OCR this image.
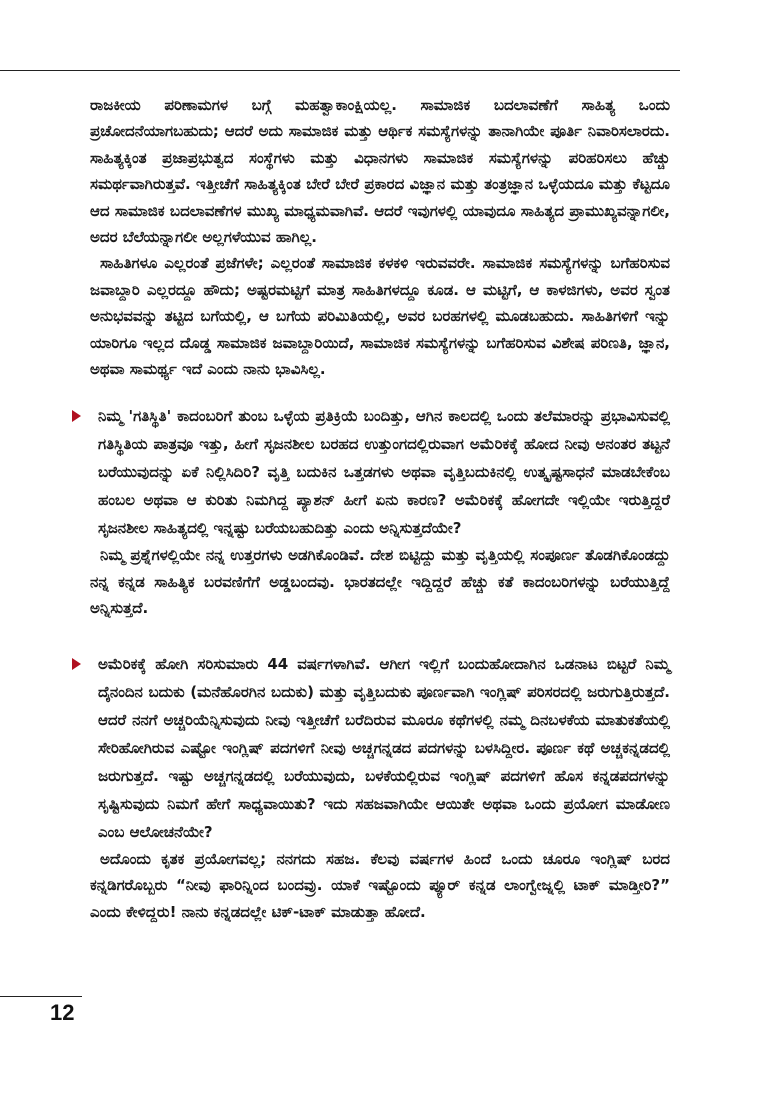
ರಾಜಕೀಯ ಪರಿಣಾಮಗಳ ಬಗ್ಗೆ ಮಹತ್ವಾಕಾಂಕ್ಷಿಯಲ್ಲ. ಸಾಮಾಜಿಕ ಬದಲಾವಣೆಗೆ ಸಾಹಿತ್ಯ ಒಂದು ಪ್ರಚೋದನೆಯಾಗಬಹುದು; ಆದರೆ ಅದು ಸಾಮಾಜಿಕ ಮತ್ತು ಆರ್ಥಿಕ ಸಮಸ್ಯೆಗಳನ್ನು ತಾನಾಗಿಯೇ ಪೂರ್ತಿ ನಿವಾರಿಸಲಾರದು. ಸಾಹಿತ್ಯಕ್ಕಿಂತ ಪ್ರಜಾಪ್ರಭುತ್ವದ ಸಂಸ್ಥೆಗಳು ಮತ್ತು ವಿಧಾನಗಳು ಸಾಮಾಜಿಕ ಸಮಸ್ಯೆಗಳನ್ನು ಪರಿಹರಿಸಲು ಹೆಚ್ಚು ಸಮರ್ಥವಾಗಿರುತ್ತವೆ. ಇತ್ತೀಚೆಗೆ ಸಾಹಿತ್ಯಕ್ಕಿಂತ ಬೇರೆ ಬೇರೆ ಪ್ರಕಾರದ ವಿಜ್ಞಾನ ಮತ್ತು ತಂತ್ರಜ್ಞಾನ ಒಳ್ಳೆಯದೂ ಮತ್ತು ಕೆಟ್ಟದೂ ಆದ ಸಾಮಾಜಿಕ ಬದಲಾವಣೆಗಳ ಮುಖ್ಯ ಮಾಧ್ಯಮವಾಗಿವೆ. ಆದರೆ ಇವುಗಳಲ್ಲಿ ಯಾವುದೂ ಸಾಹಿತ್ಯದ ಪ್ರಾಮುಖ್ಯವನ್ನಾಗಲೀ, ಅದರ ಬೆಲೆಯನ್ನಾಗಲೀ ಅಲ್ಲಗಳೆಯುವ ಹಾಗಿಲ್ಲ.

ಸಾಹಿತಿಗಳೂ ಎಲ್ಲರಂತೆ ಪ್ರಜೆಗಳೇ; ಎಲ್ಲರಂತೆ ಸಾಮಾಜಿಕ ಕಳಕಳಿ ಇರುವವರೇ. ಸಾಮಾಜಿಕ ಸಮಸ್ಯೆಗಳನ್ನು ಬಗೆಹರಿಸುವ ಜವಾಬ್ದಾರಿ ಎಲ್ಲರದ್ದೂ ಹೌದು; ಅಷ್ಟರಮಟ್ಟಿಗೆ ಮಾತ್ರ ಸಾಹಿತಿಗಳದ್ದೂ ಕೂಡ. ಆ ಮಟ್ಟಿಗೆ, ಆ ಕಾಳಜಿಗಳು, ಅವರ ಸ್ವಂತ ಅನುಭವವನ್ನು ತಟ್ಟಿದ ಬಗೆಯಲ್ಲಿ, ಆ ಬಗೆಯ ಪರಿಮಿತಿಯಲ್ಲಿ, ಅವರ ಬರಹಗಳಲ್ಲಿ ಮೂಡಬಹುದು. ಸಾಹಿತಿಗಳಿಗೆ ಇನ್ನು ಯಾರಿಗೂ ಇಲ್ಲದ ದೊಡ್ಡ ಸಾಮಾಜಿಕ ಜವಾಬ್ದಾರಿಯಿದೆ, ಸಾಮಾಜಿಕ ಸಮಸ್ಯೆಗಳನ್ನು ಬಗೆಹರಿಸುವ ವಿಶೇಷ ಪರಿಣತಿ, ಜ್ಞಾನ, ಅಥವಾ ಸಾಮರ್ಥ್ಯ ಇದೆ ಎಂದು ನಾನು ಭಾವಿಸಿಲ್ಲ.

ನಿಮ್ಮ 'ಗತಿಸ್ಥಿತಿ' ಕಾದಂಬರಿಗೆ ತುಂಬ ಒಳ್ಳೆಯ ಪ್ರತಿಕ್ರಿಯೆ ಬಂದಿತ್ತು, ಆಗಿನ ಕಾಲದಲ್ಲಿ ಒಂದು ತಲೆಮಾರನ್ನು ಪ್ರಭಾವಿಸುವಲ್ಲಿ ಗತಿಸ್ಥಿತಿಯ ಪಾತ್ರವೂ ಇತ್ತು, ಹೀಗೆ ಸೃಜನಶೀಲ ಬರಹದ ಉತ್ತುಂಗದಲ್ಲಿರುವಾಗ ಅಮೆರಿಕಕ್ಕೆ ಹೋದ ನೀವು ಅನಂತರ ತಟ್ಟನೆ ಬರೆಯುವುದನ್ನು ಏಕೆ ನಿಲ್ಲಿಸಿದಿರಿ? ವೃತ್ತಿ ಬದುಕಿನ ಒತ್ತಡಗಳು ಅಥವಾ ವೃತ್ತಿಬದುಕಿನಲ್ಲಿ ಉತ್ಕೃಷ್ಟಸಾಧನೆ ಮಾಡಬೇಕೆಂಬ ಹಂಬಲ ಅಥವಾ ಆ ಕುರಿತು ನಿಮಗಿದ್ದ ಪ್ಯಾಶನ್ ಹೀಗೆ ಏನು ಕಾರಣ? ಅಮೆರಿಕಕ್ಕೆ ಹೋಗದೇ ಇಲ್ಲಿಯೇ ಇರುತ್ತಿದ್ದರೆ ಸೃಜನಶೀಲ ಸಾಹಿತ್ಯದಲ್ಲಿ ಇನ್ನಷ್ಟು ಬರೆಯಬಹುದಿತ್ತು ಎಂದು ಅನ್ನಿಸುತ್ತದೆಯೇ?

ನಿಮ್ಮ ಪ್ರಶ್ನೆಗಳಲ್ಲಿಯೇ ನನ್ನ ಉತ್ತರಗಳು ಅಡಗಿಕೊಂಡಿವೆ. ದೇಶ ಬಿಟ್ಟಿದ್ದು ಮತ್ತು ವೃತ್ತಿಯಲ್ಲಿ ಸಂಪೂರ್ಣ ತೊಡಗಿಕೊಂಡದ್ದು ನನ್ನ ಕನ್ನಡ ಸಾಹಿತ್ಯಿಕ ಬರವಣಿಗೆಗೆ ಅಡ್ಡಬಂದವು. ಭಾರತದಲ್ಲೇ ಇದ್ದಿದ್ದರೆ ಹೆಚ್ಚು ಕತೆ ಕಾದಂಬರಿಗಳನ್ನು ಬರೆಯುತ್ತಿದ್ದೆ ಅನ್ನಿಸುತ್ತದೆ.

ಅಮೆರಿಕಕ್ಕೆ ಹೋಗಿ ಸರಿಸುಮಾರು 44 ವರ್ಷಗಳಾಗಿವೆ. ಆಗೀಗ ಇಲ್ಲಿಗೆ ಬಂದುಹೋದಾಗಿನ ಒಡನಾಟ ಬಿಟ್ಟರೆ ನಿಮ್ಮ ದೈನಂದಿನ ಬದುಕು (ಮನೆಹೊರಗಿನ ಬದುಕು) ಮತ್ತು ವೃತ್ತಿಬದುಕು ಪೂರ್ಣವಾಗಿ ಇಂಗ್ಲಿಷ್ ಪರಿಸರದಲ್ಲಿ ಜರುಗುತ್ತಿರುತ್ತದೆ. ಆದರೆ ನನಗೆ ಅಚ್ಚರಿಯೆನ್ನಿಸುವುದು ನೀವು ಇತ್ತೀಚೆಗೆ ಬರೆದಿರುವ ಮೂರೂ ಕಥೆಗಳಲ್ಲಿ ನಮ್ಮ ದಿನಬಳಕೆಯ ಮಾತುಕತೆಯಲ್ಲಿ ಸೇರಿಹೋಗಿರುವ ಎಷ್ಟೋ ಇಂಗ್ಲಿಷ್ ಪದಗಳಿಗೆ ನೀವು ಅಚ್ಚಗನ್ನಡದ ಪದಗಳನ್ನು ಬಳಸಿದ್ದೀರ. ಪೂರ್ಣ ಕಥೆ ಅಚ್ಚಕನ್ನಡದಲ್ಲಿ ಜರುಗುತ್ತದೆ. ಇಷ್ಟು ಅಚ್ಚಗನ್ನಡದಲ್ಲಿ ಬರೆಯುವುದು, ಬಳಕೆಯಲ್ಲಿರುವ ಇಂಗ್ಲಿಷ್ ಪದಗಳಿಗೆ ಹೊಸ ಕನ್ನಡಪದಗಳನ್ನು ಸೃಷ್ಟಿಸುವುದು ನಿಮಗೆ ಹೇಗೆ ಸಾಧ್ಯವಾಯಿತು? ಇದು ಸಹಜವಾಗಿಯೇ ಆಯಿತೇ ಅಥವಾ ಒಂದು ಪ್ರಯೋಗ ಮಾಡೋಣ ಎಂಬ ಆಲೋಚನೆಯೇ?

ಅದೊಂದು ಕೃತಕ ಪ್ರಯೋಗವಲ್ಲ; ನನಗದು ಸಹಜ. ಕೆಲವು ವರ್ಷಗಳ ಹಿಂದೆ ಒಂದು ಚೂರೂ ಇಂಗ್ಲಿಷ್ ಬರದ ಕನ್ನಡಿಗರೊಬ್ಬರು “ನೀವು ಫಾರಿನ್ನಿಂದ ಬಂದವ್ರು. ಯಾಕೆ ಇಷ್ಟೊಂದು ಪ್ಯೂರ್ ಕನ್ನಡ ಲಾಂಗ್ವೇಜ್ನಲ್ಲಿ ಟಾಕ್ ಮಾಡ್ತೀರಿ?” ಎಂದು ಕೇಳಿದ್ದರು! ನಾನು ಕನ್ನಡದಲ್ಲೇ ಟಿಕ್-ಟಾಕ್ ಮಾಡುತ್ತಾ ಹೋದೆ.

12
